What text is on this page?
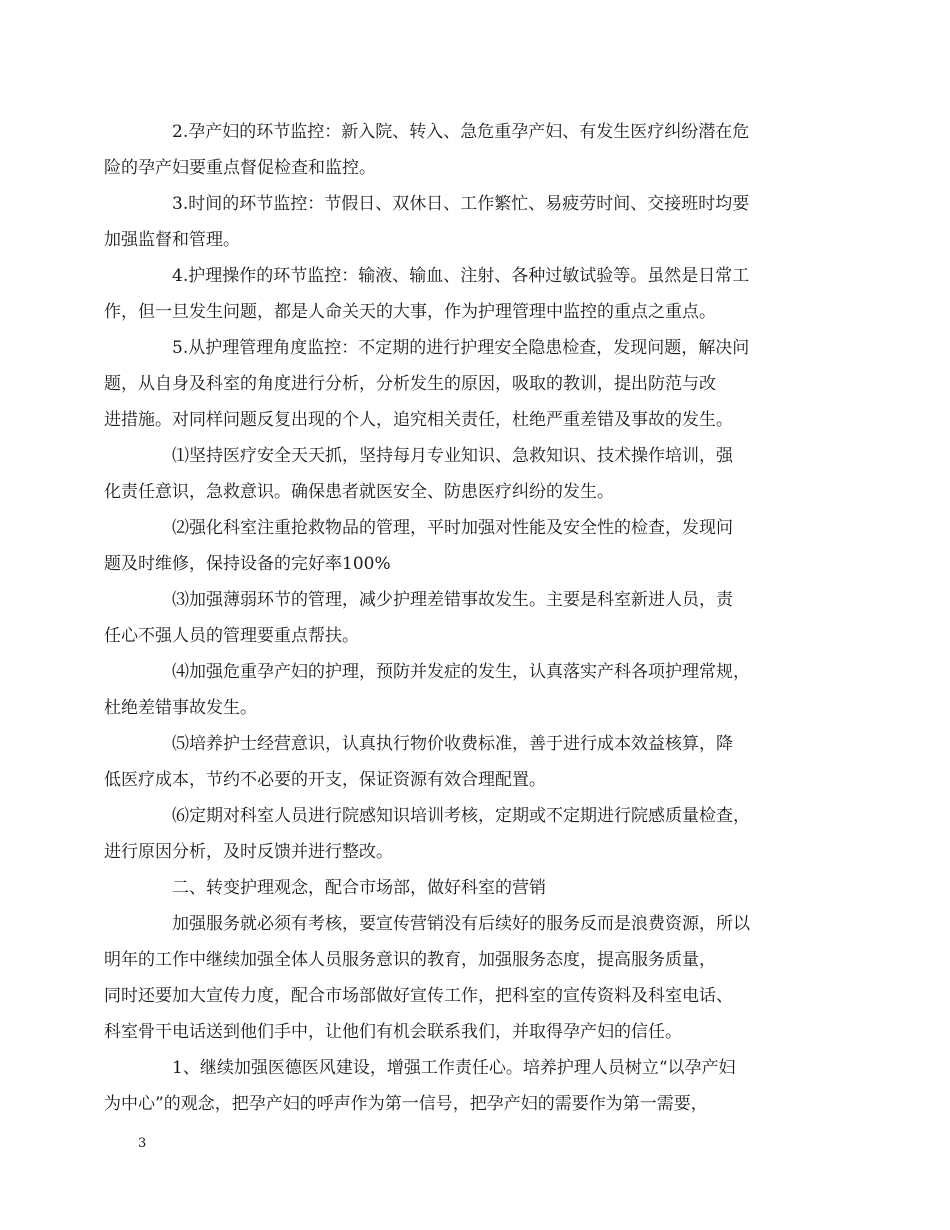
2.孕产妇的环节监控：新入院、转入、急危重孕产妇、有发生医疗纠纷潜在危
险的孕产妇要重点督促检查和监控。

3.时间的环节监控：节假日、双休日、工作繁忙、易疲劳时间、交接班时均要
加强监督和管理。

4.护理操作的环节监控：输液、输血、注射、各种过敏试验等。虽然是日常工
作，但一旦发生问题，都是人命关天的大事，作为护理管理中监控的重点之重点。

5.从护理管理角度监控：不定期的进行护理安全隐患检查，发现问题，解决问
题，从自身及科室的角度进行分析，分析发生的原因，吸取的教训，提出防范与改
进措施。对同样问题反复出现的个人，追究相关责任，杜绝严重差错及事故的发生。

⑴坚持医疗安全天天抓，坚持每月专业知识、急救知识、技术操作培训，强
化责任意识，急救意识。确保患者就医安全、防患医疗纠纷的发生。

⑵强化科室注重抢救物品的管理，平时加强对性能及安全性的检查，发现问
题及时维修，保持设备的完好率100%

⑶加强薄弱环节的管理，减少护理差错事故发生。主要是科室新进人员，责
任心不强人员的管理要重点帮扶。

⑷加强危重孕产妇的护理，预防并发症的发生，认真落实产科各项护理常规，
杜绝差错事故发生。

⑸培养护士经营意识，认真执行物价收费标准，善于进行成本效益核算，降
低医疗成本，节约不必要的开支，保证资源有效合理配置。

⑹定期对科室人员进行院感知识培训考核，定期或不定期进行院感质量检查，
进行原因分析，及时反馈并进行整改。

二、转变护理观念，配合市场部，做好科室的营销

加强服务就必须有考核，要宣传营销没有后续好的服务反而是浪费资源，所以
明年的工作中继续加强全体人员服务意识的教育，加强服务态度，提高服务质量，
同时还要加大宣传力度，配合市场部做好宣传工作，把科室的宣传资料及科室电话、
科室骨干电话送到他们手中，让他们有机会联系我们，并取得孕产妇的信任。

1、继续加强医德医风建设，增强工作责任心。培养护理人员树立“以孕产妇
为中心”的观念，把孕产妇的呼声作为第一信号，把孕产妇的需要作为第一需要，

3
